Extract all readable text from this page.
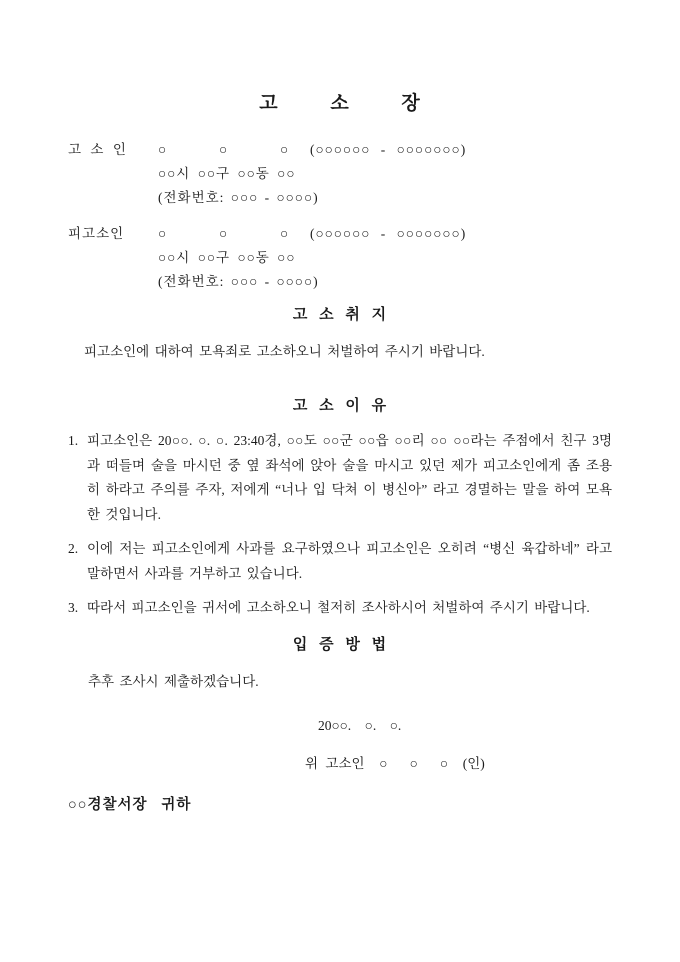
고 소 장
고 소 인	○     ○     ○  (○○○○○○ - ○○○○○○○)
○○시 ○○구 ○○동 ○○
(전화번호: ○○○ - ○○○○)
피고소인	○     ○     ○  (○○○○○○ - ○○○○○○○)
○○시 ○○구 ○○동 ○○
(전화번호: ○○○ - ○○○○)
고 소 취 지

피고소인에 대하여 모욕죄로 고소하오니 처벌하여 주시기 바랍니다.

고 소 이 유
1. 피고소인은 20○○. ○. ○. 23:40경, ○○도 ○○군 ○○읍 ○○리 ○○ ○○라는 주점에서 친구 3명과 떠들며 술을 마시던 중 옆 좌석에 앉아 술을 마시고 있던 제가 피고소인에게 좀 조용히 하라고 주의를 주자, 저에게 “너나 입 닥쳐 이 병신아” 라고 경멸하는 말을 하여 모욕한 것입니다.
2. 이에 저는 피고소인에게 사과를 요구하였으나 피고소인은 오히려 “병신 육갑하네” 라고 말하면서 사과를 거부하고 있습니다.
3. 따라서 피고소인을 귀서에 고소하오니 철저히 조사하시어 처벌하여 주시기 바랍니다.
입 증 방 법

추후 조사시 제출하겠습니다.

20○○.    ○.    ○.
위 고소인  ○   ○   ○  (인)
○○경찰서장   귀하
